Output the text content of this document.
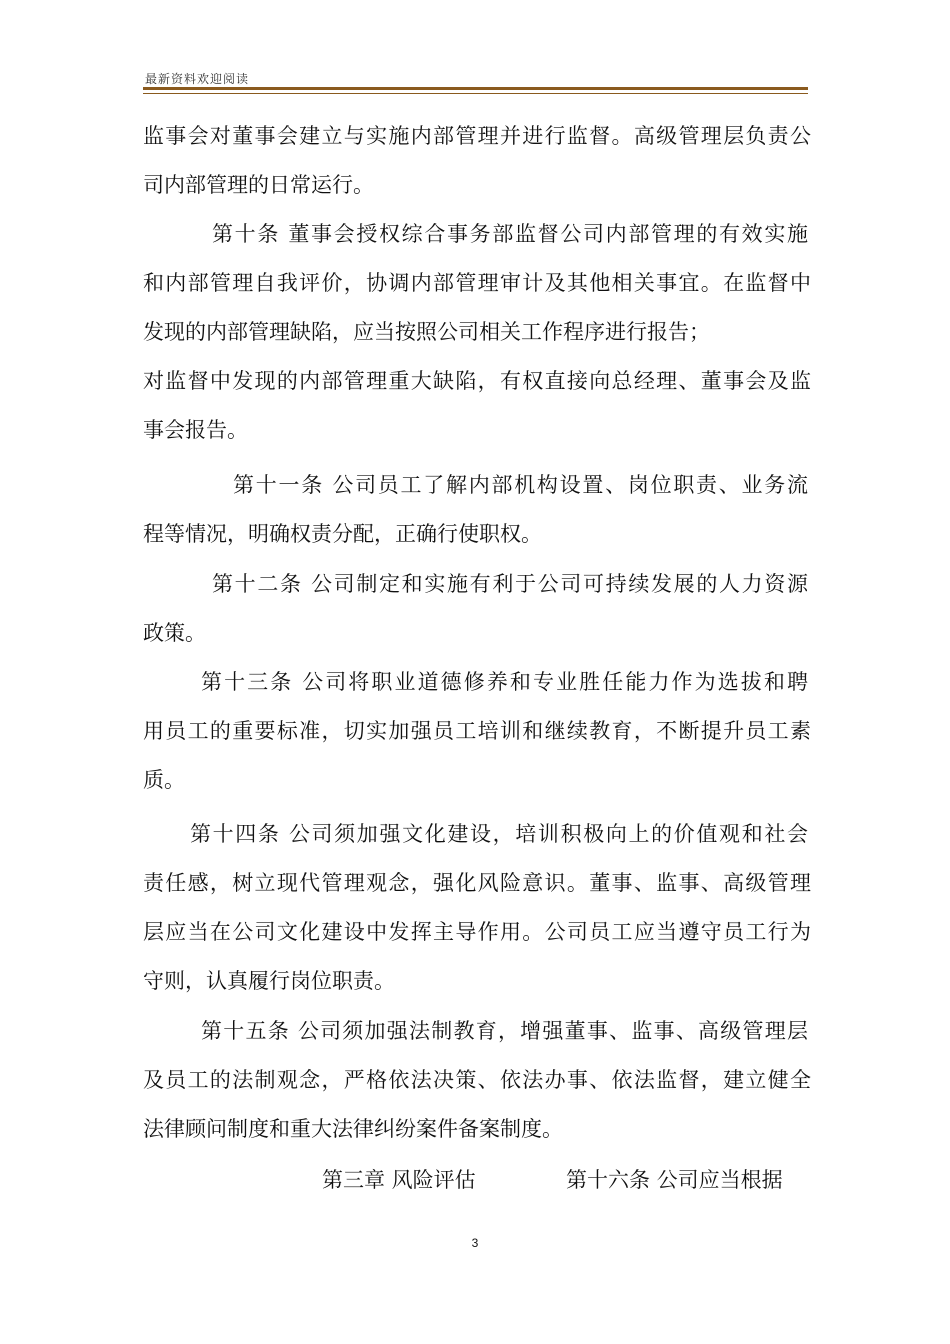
最新资料欢迎阅读
监事会对董事会建立与实施内部管理并进行监督。高级管理层负责公
司内部管理的日常运行。
第十条 董事会授权综合事务部监督公司内部管理的有效实施
和内部管理自我评价，协调内部管理审计及其他相关事宜。在监督中
发现的内部管理缺陷，应当按照公司相关工作程序进行报告；
对监督中发现的内部管理重大缺陷，有权直接向总经理、董事会及监
事会报告。
第十一条 公司员工了解内部机构设置、岗位职责、业务流
程等情况，明确权责分配，正确行使职权。
第十二条 公司制定和实施有利于公司可持续发展的人力资源
政策。
第十三条 公司将职业道德修养和专业胜任能力作为选拔和聘
用员工的重要标准，切实加强员工培训和继续教育，不断提升员工素
质。
第十四条 公司须加强文化建设，培训积极向上的价值观和社会
责任感，树立现代管理观念，强化风险意识。董事、监事、高级管理
层应当在公司文化建设中发挥主导作用。公司员工应当遵守员工行为
守则，认真履行岗位职责。
第十五条 公司须加强法制教育，增强董事、监事、高级管理层
及员工的法制观念，严格依法决策、依法办事、依法监督，建立健全
法律顾问制度和重大法律纠纷案件备案制度。
第三章 风险评估	第十六条 公司应当根据
3
